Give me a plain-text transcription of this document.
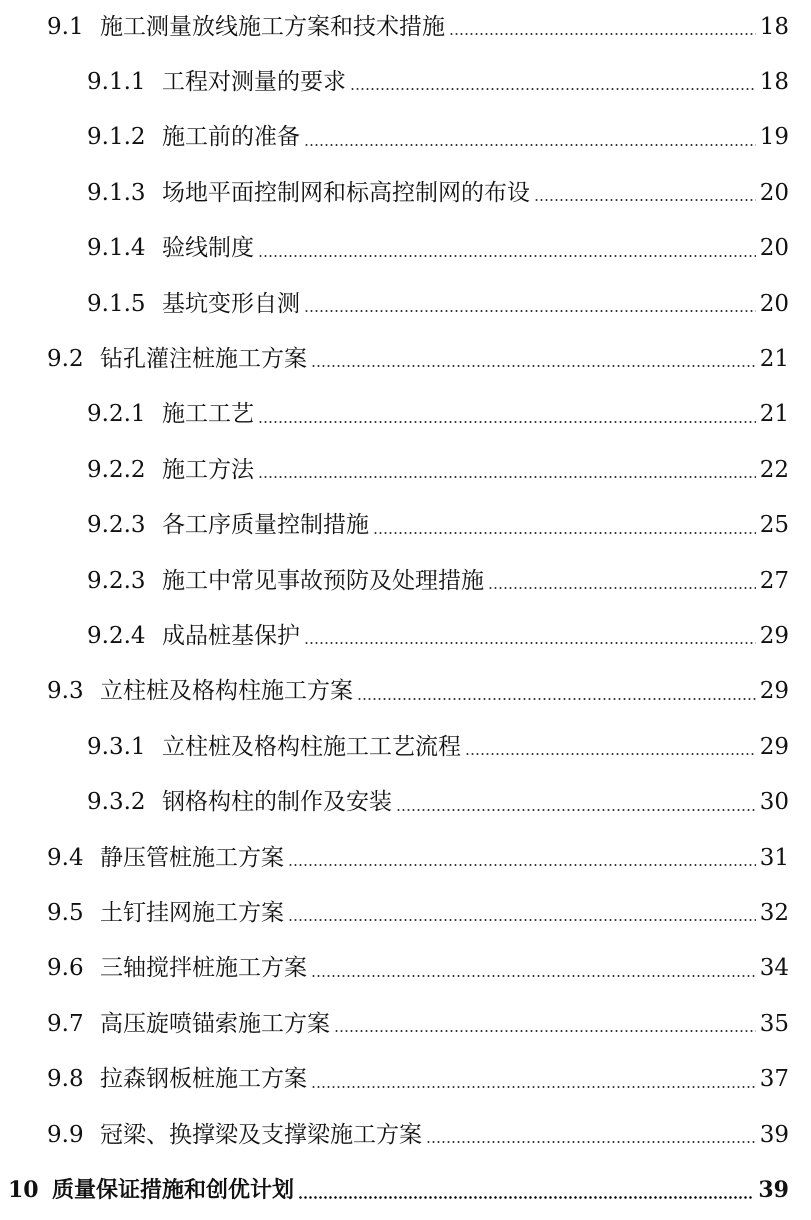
9.1 施工测量放线施工方案和技术措施	18
9.1.1 工程对测量的要求	18
9.1.2 施工前的准备	19
9.1.3 场地平面控制网和标高控制网的布设	20
9.1.4 验线制度	20
9.1.5 基坑变形自测	20
9.2 钻孔灌注桩施工方案	21
9.2.1 施工工艺	21
9.2.2 施工方法	22
9.2.3 各工序质量控制措施	25
9.2.3 施工中常见事故预防及处理措施	27
9.2.4 成品桩基保护	29
9.3 立柱桩及格构柱施工方案	29
9.3.1 立柱桩及格构柱施工工艺流程	29
9.3.2 钢格构柱的制作及安装	30
9.4 静压管桩施工方案	31
9.5 土钉挂网施工方案	32
9.6 三轴搅拌桩施工方案	34
9.7 高压旋喷锚索施工方案	35
9.8 拉森钢板桩施工方案	37
9.9 冠梁、换撑梁及支撑梁施工方案	39
10 质量保证措施和创优计划	39
